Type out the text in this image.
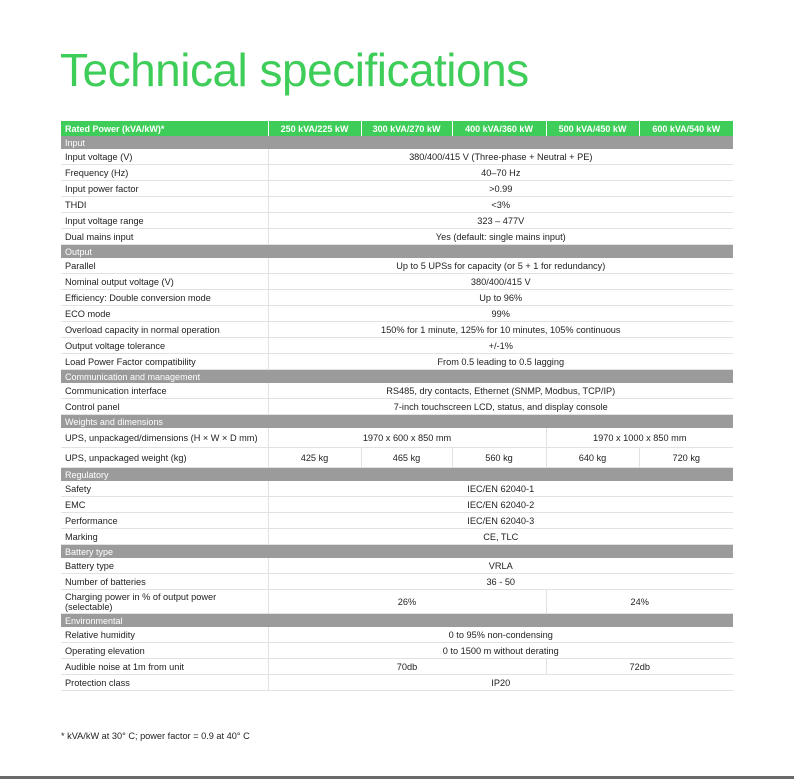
Technical specifications
Rated Power (kVA/kW)*	250 kVA/225 kW	300 kVA/270 kW	400 kVA/360 kW	500 kVA/450 kW	600 kVA/540 kW
Input					
Input voltage (V)	380/400/415 V (Three-phase + Neutral + PE)				
Frequency (Hz)	40–70 Hz				
Input power factor	>0.99				
THDI	<3%				
Input voltage range	323 – 477V				
Dual mains input	Yes (default: single mains input)				
Output					
Parallel	Up to 5 UPSs for capacity (or 5 + 1 for redundancy)				
Nominal output voltage (V)	380/400/415 V				
Efficiency: Double conversion mode	Up to 96%				
ECO mode	99%				
Overload capacity in normal operation	150% for 1 minute, 125% for 10 minutes, 105% continuous				
Output voltage tolerance	+/-1%				
Load Power Factor compatibility	From 0.5 leading to 0.5 lagging				
Communication and management					
Communication interface	RS485, dry contacts, Ethernet (SNMP, Modbus, TCP/IP)				
Control panel	7-inch touchscreen LCD, status, and display console				
Weights and dimensions					
UPS, unpackaged/dimensions (H × W × D mm)	1970 x 600 x 850 mm			1970 x 1000 x 850 mm	
UPS, unpackaged weight (kg)	425 kg	465 kg	560 kg	640 kg	720 kg
Regulatory					
Safety	IEC/EN 62040-1				
EMC	IEC/EN 62040-2				
Performance	IEC/EN 62040-3				
Marking	CE, TLC				
Battery type					
Battery type	VRLA				
Number of batteries	36 - 50				
Charging power in % of output power
(selectable)	26%			24%	
Environmental					
Relative humidity	0 to 95% non-condensing				
Operating elevation	0 to 1500 m without derating				
Audible noise at 1m from unit	70db			72db	
Protection class	IP20				
* kVA/kW at 30° C; power factor = 0.9 at 40° C
